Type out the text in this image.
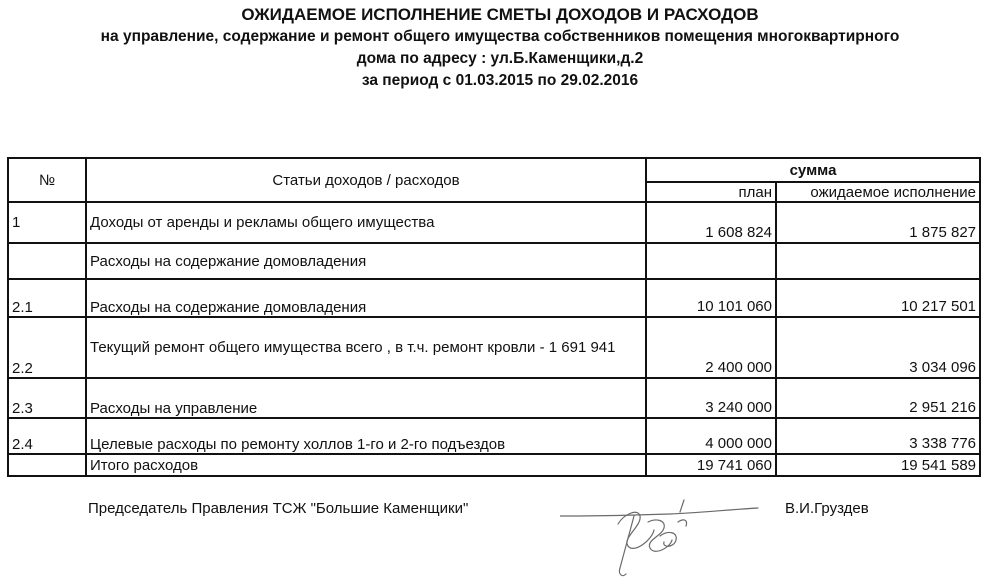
ОЖИДАЕМОЕ ИСПОЛНЕНИЕ СМЕТЫ ДОХОДОВ И РАСХОДОВ
на управление, содержание и ремонт общего имущества собственников помещения многоквартирного
дома по адресу : ул.Б.Каменщики,д.2
за период с 01.03.2015 по 29.02.2016
№	Статьи доходов / расходов	сумма	
		план	ожидаемое исполнение
1	Доходы от аренды и рекламы общего имущества	1 608 824	1 875 827
	Расходы на содержание домовладения		
2.1	Расходы на содержание домовладения	10 101 060	10 217 501
2.2	Текущий ремонт общего имущества всего , в т.ч. ремонт кровли - 1 691 941	2 400 000	3 034 096
2.3	Расходы на управление	3 240 000	2 951 216
2.4	Целевые расходы по ремонту холлов 1-го и 2-го подъездов	4 000 000	3 338 776
	Итого расходов	19 741 060	19 541 589
Председатель Правления ТСЖ "Большие Каменщики"	В.И.Груздев
